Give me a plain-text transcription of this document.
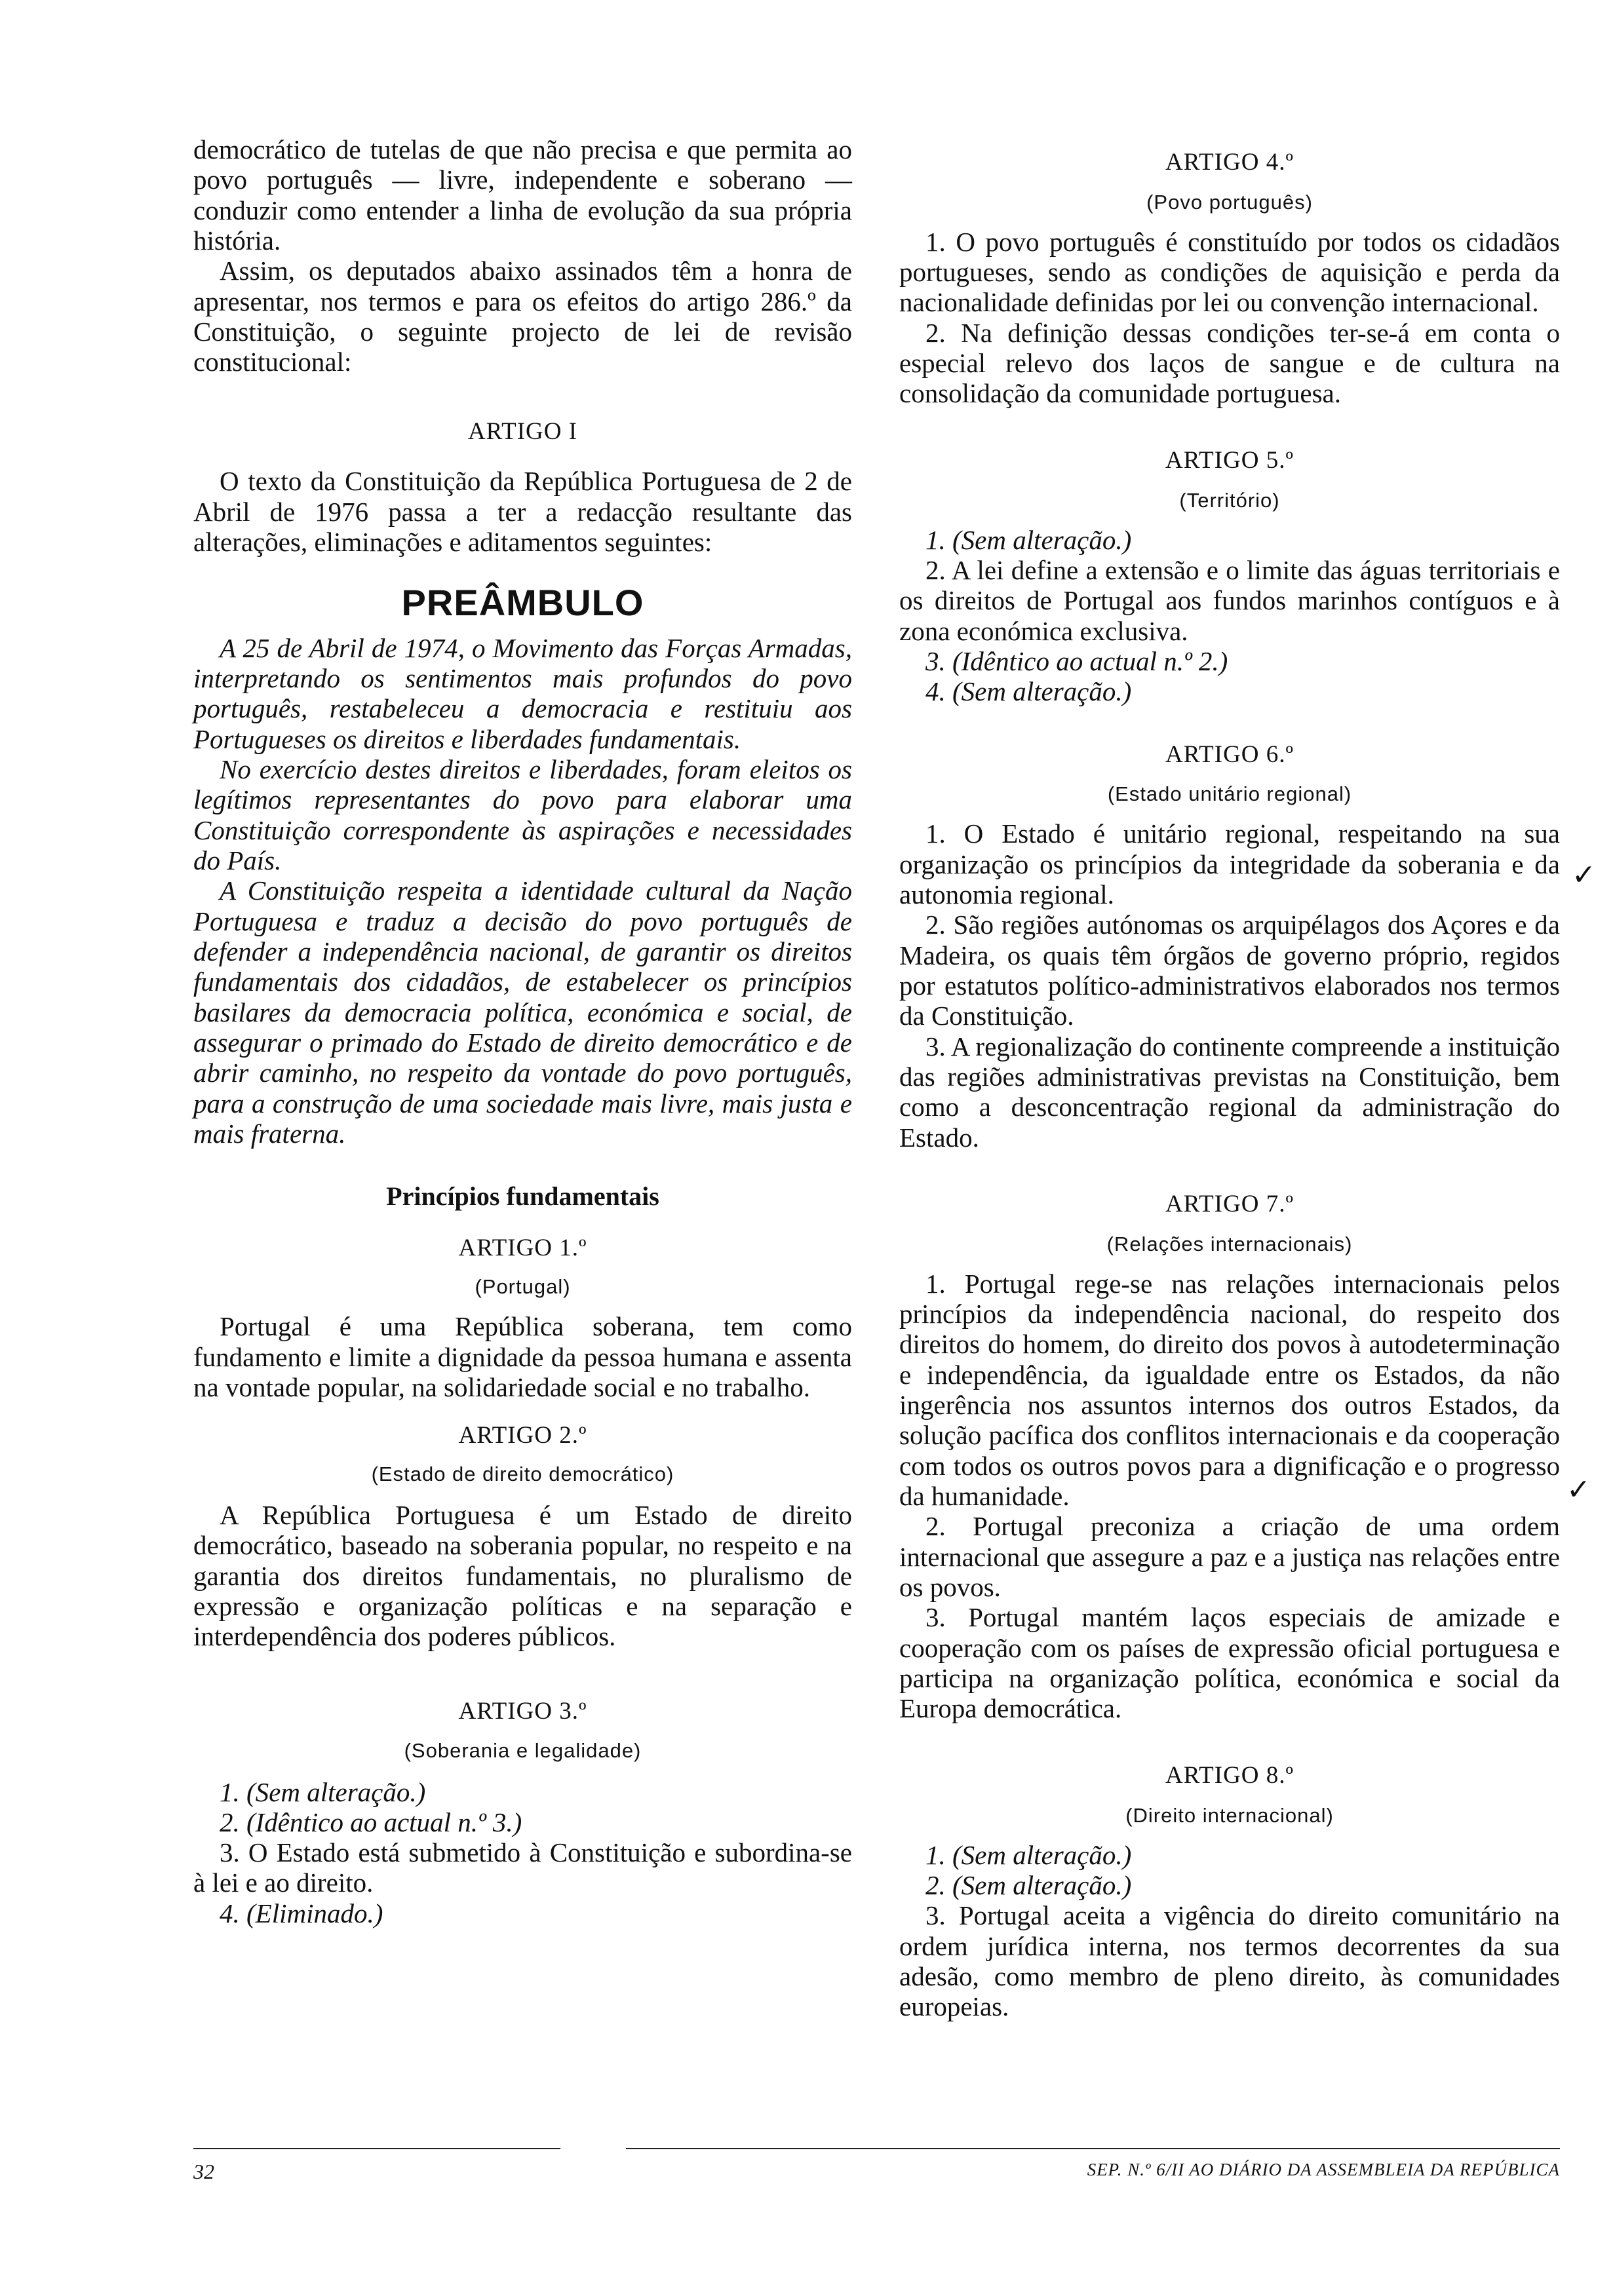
democrático de tutelas de que não precisa e que permita ao povo português — livre, independente e soberano — conduzir como entender a linha de evolução da sua própria história.

Assim, os deputados abaixo assinados têm a honra de apresentar, nos termos e para os efeitos do artigo 286.º da Constituição, o seguinte projecto de lei de revisão constitucional:

ARTIGO I

O texto da Constituição da República Portuguesa de 2 de Abril de 1976 passa a ter a redacção resultante das alterações, eliminações e aditamentos seguintes:

PREÂMBULO

A 25 de Abril de 1974, o Movimento das Forças Armadas, interpretando os sentimentos mais profundos do povo português, restabeleceu a democracia e restituiu aos Portugueses os direitos e liberdades fundamentais.

No exercício destes direitos e liberdades, foram eleitos os legítimos representantes do povo para elaborar uma Constituição correspondente às aspirações e necessidades do País.

A Constituição respeita a identidade cultural da Nação Portuguesa e traduz a decisão do povo português de defender a independência nacional, de garantir os direitos fundamentais dos cidadãos, de estabelecer os princípios basilares da democracia política, económica e social, de assegurar o primado do Estado de direito democrático e de abrir caminho, no respeito da vontade do povo português, para a construção de uma sociedade mais livre, mais justa e mais fraterna.

Princípios fundamentais

ARTIGO 1.º

(Portugal)

Portugal é uma República soberana, tem como fundamento e limite a dignidade da pessoa humana e assenta na vontade popular, na solidariedade social e no trabalho.

ARTIGO 2.º

(Estado de direito democrático)

A República Portuguesa é um Estado de direito democrático, baseado na soberania popular, no respeito e na garantia dos direitos fundamentais, no pluralismo de expressão e organização políticas e na separação e interdependência dos poderes públicos.

ARTIGO 3.º

(Soberania e legalidade)

1. (Sem alteração.)

2. (Idêntico ao actual n.º 3.)

3. O Estado está submetido à Constituição e subordina-se à lei e ao direito.

4. (Eliminado.)

ARTIGO 4.º

(Povo português)

1. O povo português é constituído por todos os cidadãos portugueses, sendo as condições de aquisição e perda da nacionalidade definidas por lei ou convenção internacional.

2. Na definição dessas condições ter-se-á em conta o especial relevo dos laços de sangue e de cultura na consolidação da comunidade portuguesa.

ARTIGO 5.º

(Território)

1. (Sem alteração.)

2. A lei define a extensão e o limite das águas territoriais e os direitos de Portugal aos fundos marinhos contíguos e à zona económica exclusiva.

3. (Idêntico ao actual n.º 2.)

4. (Sem alteração.)

ARTIGO 6.º

(Estado unitário regional)

1. O Estado é unitário regional, respeitando na sua organização os princípios da integridade da soberania e da autonomia regional.

2. São regiões autónomas os arquipélagos dos Açores e da Madeira, os quais têm órgãos de governo próprio, regidos por estatutos político-administrativos elaborados nos termos da Constituição.

3. A regionalização do continente compreende a instituição das regiões administrativas previstas na Constituição, bem como a desconcentração regional da administração do Estado.

ARTIGO 7.º

(Relações internacionais)

1. Portugal rege-se nas relações internacionais pelos princípios da independência nacional, do respeito dos direitos do homem, do direito dos povos à autodeterminação e independência, da igualdade entre os Estados, da não ingerência nos assuntos internos dos outros Estados, da solução pacífica dos conflitos internacionais e da cooperação com todos os outros povos para a dignificação e o progresso da humanidade.

2. Portugal preconiza a criação de uma ordem internacional que assegure a paz e a justiça nas relações entre os povos.

3. Portugal mantém laços especiais de amizade e cooperação com os países de expressão oficial portuguesa e participa na organização política, económica e social da Europa democrática.

ARTIGO 8.º

(Direito internacional)

1. (Sem alteração.)

2. (Sem alteração.)

3. Portugal aceita a vigência do direito comunitário na ordem jurídica interna, nos termos decorrentes da sua adesão, como membro de pleno direito, às comunidades europeias.

✓
✓
32	SEP. N.º 6/II AO DIÁRIO DA ASSEMBLEIA DA REPÚBLICA
